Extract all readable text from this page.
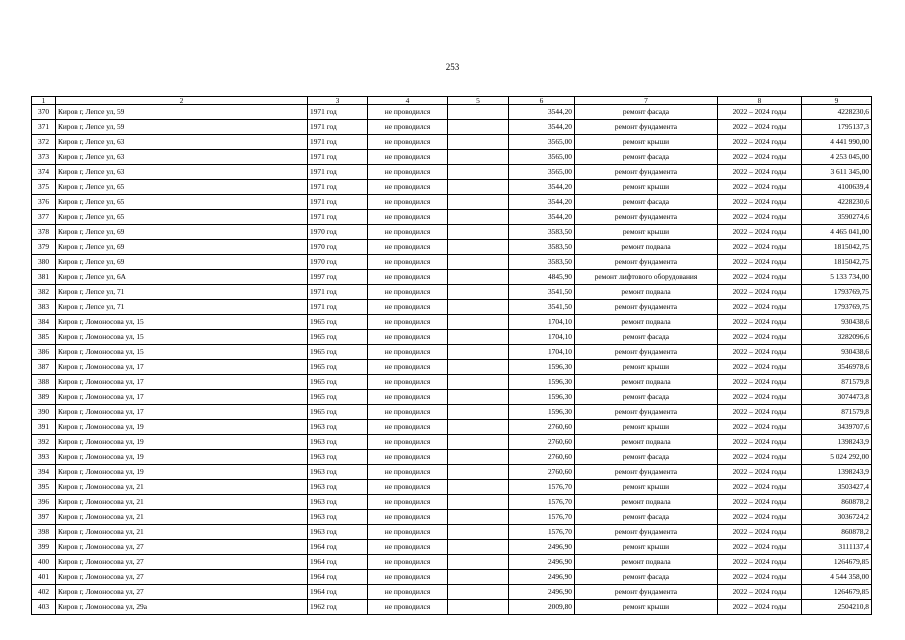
253
1	2	3	4	5	6	7	8	9
370	Киров г, Лепсе ул, 59	1971 год	не проводился		3544,20	ремонт фасада	2022 – 2024 годы	4228230,6
371	Киров г, Лепсе ул, 59	1971 год	не проводился		3544,20	ремонт фундамента	2022 – 2024 годы	1795137,3
372	Киров г, Лепсе ул, 63	1971 год	не проводился		3565,00	ремонт крыши	2022 – 2024 годы	4 441 990,00
373	Киров г, Лепсе ул, 63	1971 год	не проводился		3565,00	ремонт фасада	2022 – 2024 годы	4 253 045,00
374	Киров г, Лепсе ул, 63	1971 год	не проводился		3565,00	ремонт фундамента	2022 – 2024 годы	3 611 345,00
375	Киров г, Лепсе ул, 65	1971 год	не проводился		3544,20	ремонт крыши	2022 – 2024 годы	4100639,4
376	Киров г, Лепсе ул, 65	1971 год	не проводился		3544,20	ремонт фасада	2022 – 2024 годы	4228230,6
377	Киров г, Лепсе ул, 65	1971 год	не проводился		3544,20	ремонт фундамента	2022 – 2024 годы	3590274,6
378	Киров г, Лепсе ул, 69	1970 год	не проводился		3583,50	ремонт крыши	2022 – 2024 годы	4 465 041,00
379	Киров г, Лепсе ул, 69	1970 год	не проводился		3583,50	ремонт подвала	2022 – 2024 годы	1815042,75
380	Киров г, Лепсе ул, 69	1970 год	не проводился		3583,50	ремонт фундамента	2022 – 2024 годы	1815042,75
381	Киров г, Лепсе ул, 6А	1997 год	не проводился		4845,90	ремонт лифтового оборудования	2022 – 2024 годы	5 133 734,00
382	Киров г, Лепсе ул, 71	1971 год	не проводился		3541,50	ремонт подвала	2022 – 2024 годы	1793769,75
383	Киров г, Лепсе ул, 71	1971 год	не проводился		3541,50	ремонт фундамента	2022 – 2024 годы	1793769,75
384	Киров г, Ломоносова ул, 15	1965 год	не проводился		1704,10	ремонт подвала	2022 – 2024 годы	930438,6
385	Киров г, Ломоносова ул, 15	1965 год	не проводился		1704,10	ремонт фасада	2022 – 2024 годы	3282096,6
386	Киров г, Ломоносова ул, 15	1965 год	не проводился		1704,10	ремонт фундамента	2022 – 2024 годы	930438,6
387	Киров г, Ломоносова ул, 17	1965 год	не проводился		1596,30	ремонт крыши	2022 – 2024 годы	3546978,6
388	Киров г, Ломоносова ул, 17	1965 год	не проводился		1596,30	ремонт подвала	2022 – 2024 годы	871579,8
389	Киров г, Ломоносова ул, 17	1965 год	не проводился		1596,30	ремонт фасада	2022 – 2024 годы	3074473,8
390	Киров г, Ломоносова ул, 17	1965 год	не проводился		1596,30	ремонт фундамента	2022 – 2024 годы	871579,8
391	Киров г, Ломоносова ул, 19	1963 год	не проводился		2760,60	ремонт крыши	2022 – 2024 годы	3439707,6
392	Киров г, Ломоносова ул, 19	1963 год	не проводился		2760,60	ремонт подвала	2022 – 2024 годы	1398243,9
393	Киров г, Ломоносова ул, 19	1963 год	не проводился		2760,60	ремонт фасада	2022 – 2024 годы	5 024 292,00
394	Киров г, Ломоносова ул, 19	1963 год	не проводился		2760,60	ремонт фундамента	2022 – 2024 годы	1398243,9
395	Киров г, Ломоносова ул, 21	1963 год	не проводился		1576,70	ремонт крыши	2022 – 2024 годы	3503427,4
396	Киров г, Ломоносова ул, 21	1963 год	не проводился		1576,70	ремонт подвала	2022 – 2024 годы	860878,2
397	Киров г, Ломоносова ул, 21	1963 год	не проводился		1576,70	ремонт фасада	2022 – 2024 годы	3036724,2
398	Киров г, Ломоносова ул, 21	1963 год	не проводился		1576,70	ремонт фундамента	2022 – 2024 годы	860878,2
399	Киров г, Ломоносова ул, 27	1964 год	не проводился		2496,90	ремонт крыши	2022 – 2024 годы	3111137,4
400	Киров г, Ломоносова ул, 27	1964 год	не проводился		2496,90	ремонт подвала	2022 – 2024 годы	1264679,85
401	Киров г, Ломоносова ул, 27	1964 год	не проводился		2496,90	ремонт фасада	2022 – 2024 годы	4 544 358,00
402	Киров г, Ломоносова ул, 27	1964 год	не проводился		2496,90	ремонт фундамента	2022 – 2024 годы	1264679,85
403	Киров г, Ломоносова ул, 29а	1962 год	не проводился		2009,80	ремонт крыши	2022 – 2024 годы	2504210,8
